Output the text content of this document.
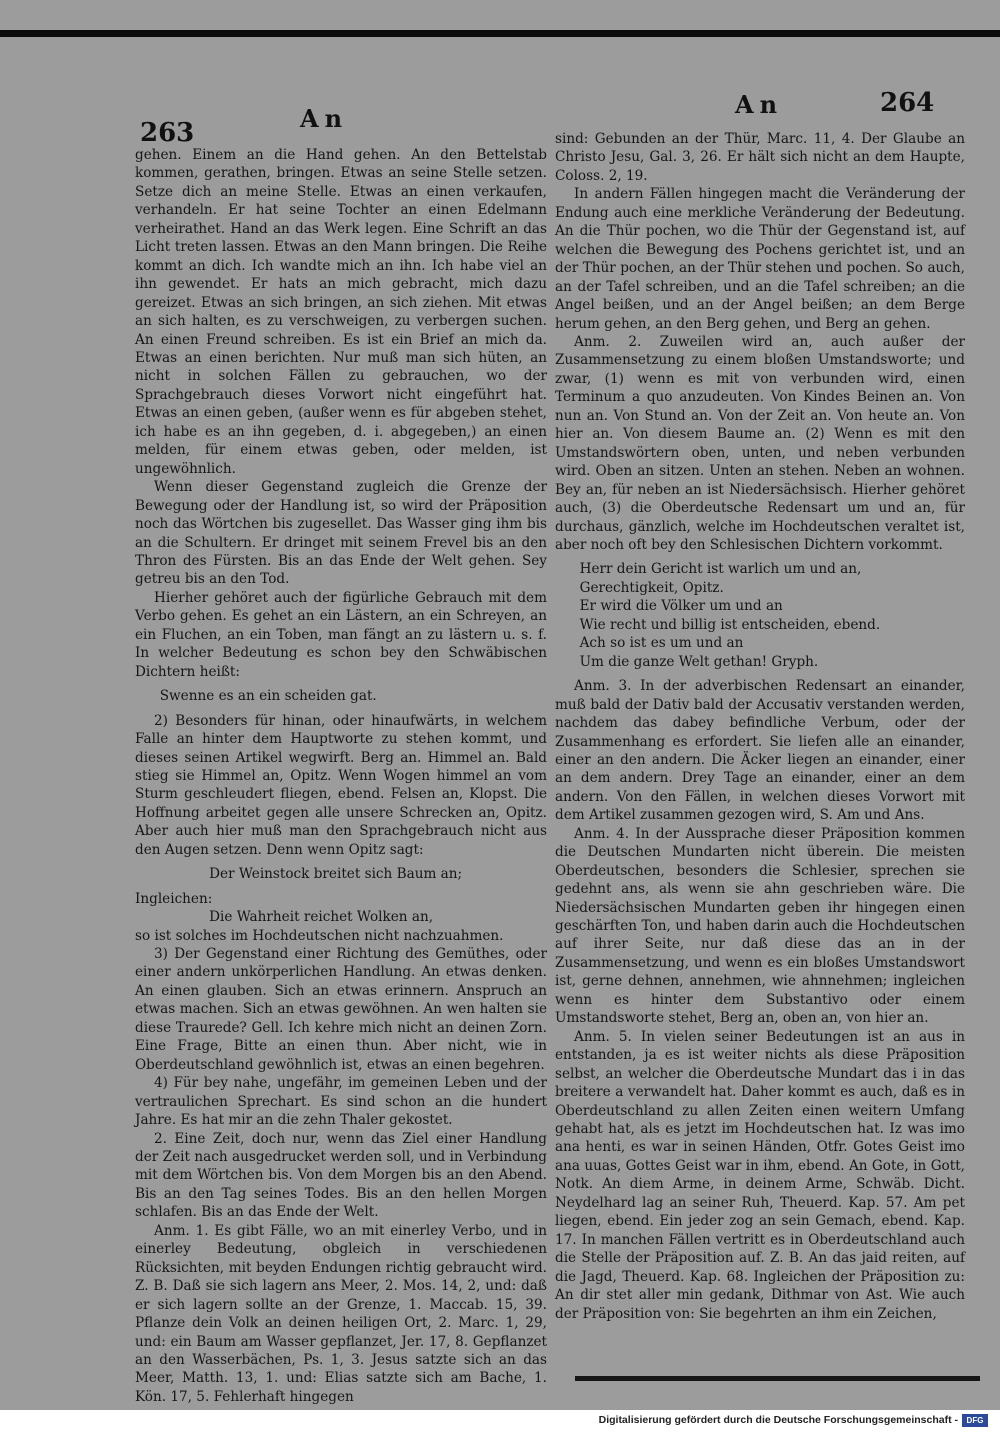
263	An	An	264

gehen. Einem an die Hand gehen. An den Bettelstab kommen, gerathen, bringen. Etwas an seine Stelle setzen. Setze dich an meine Stelle. Etwas an einen verkaufen, verhandeln. Er hat seine Tochter an einen Edelmann verheirathet. Hand an das Werk legen. Eine Schrift an das Licht treten lassen. Etwas an den Mann bringen. Die Reihe kommt an dich. Ich wandte mich an ihn. Ich habe viel an ihn gewendet. Er hats an mich gebracht, mich dazu gereizet. Etwas an sich bringen, an sich ziehen. Mit etwas an sich halten, es zu verschweigen, zu verbergen suchen. An einen Freund schreiben. Es ist ein Brief an mich da. Etwas an einen berichten. Nur muß man sich hüten, an nicht in solchen Fällen zu gebrauchen, wo der Sprachgebrauch dieses Vorwort nicht eingeführt hat. Etwas an einen geben, (außer wenn es für abgeben stehet, ich habe es an ihn gegeben, d. i. abgegeben,) an einen melden, für einem etwas geben, oder melden, ist ungewöhnlich.

Wenn dieser Gegenstand zugleich die Grenze der Bewegung oder der Handlung ist, so wird der Präposition noch das Wörtchen bis zugesellet. Das Wasser ging ihm bis an die Schultern. Er dringet mit seinem Frevel bis an den Thron des Fürsten. Bis an das Ende der Welt gehen. Sey getreu bis an den Tod.

Hierher gehöret auch der figürliche Gebrauch mit dem Verbo gehen. Es gehet an ein Lästern, an ein Schreyen, an ein Fluchen, an ein Toben, man fängt an zu lästern u. s. f. In welcher Bedeutung es schon bey den Schwäbischen Dichtern heißt:

Swenne es an ein scheiden gat.

2) Besonders für hinan, oder hinaufwärts, in welchem Falle an hinter dem Hauptworte zu stehen kommt, und dieses seinen Artikel wegwirft. Berg an. Himmel an. Bald stieg sie Himmel an, Opitz. Wenn Wogen himmel an vom Sturm geschleudert fliegen, ebend. Felsen an, Klopst. Die Hoffnung arbeitet gegen alle unsere Schrecken an, Opitz. Aber auch hier muß man den Sprachgebrauch nicht aus den Augen setzen. Denn wenn Opitz sagt:

Der Weinstock breitet sich Baum an;

Ingleichen:

Die Wahrheit reichet Wolken an,

so ist solches im Hochdeutschen nicht nachzuahmen.

3) Der Gegenstand einer Richtung des Gemüthes, oder einer andern unkörperlichen Handlung. An etwas denken. An einen glauben. Sich an etwas erinnern. Anspruch an etwas machen. Sich an etwas gewöhnen. An wen halten sie diese Traurede? Gell. Ich kehre mich nicht an deinen Zorn. Eine Frage, Bitte an einen thun. Aber nicht, wie in Oberdeutschland gewöhnlich ist, etwas an einen begehren.

4) Für bey nahe, ungefähr, im gemeinen Leben und der vertraulichen Sprechart. Es sind schon an die hundert Jahre. Es hat mir an die zehn Thaler gekostet.

2. Eine Zeit, doch nur, wenn das Ziel einer Handlung der Zeit nach ausgedrucket werden soll, und in Verbindung mit dem Wörtchen bis. Von dem Morgen bis an den Abend. Bis an den Tag seines Todes. Bis an den hellen Morgen schlafen. Bis an das Ende der Welt.

Anm. 1. Es gibt Fälle, wo an mit einerley Verbo, und in einerley Bedeutung, obgleich in verschiedenen Rücksichten, mit beyden Endungen richtig gebraucht wird. Z. B. Daß sie sich lagern ans Meer, 2. Mos. 14, 2, und: daß er sich lagern sollte an der Grenze, 1. Maccab. 15, 39. Pflanze dein Volk an deinen heiligen Ort, 2. Marc. 1, 29, und: ein Baum am Wasser gepflanzet, Jer. 17, 8. Gepflanzet an den Wasserbächen, Ps. 1, 3. Jesus satzte sich an das Meer, Matth. 13, 1. und: Elias satzte sich am Bache, 1. Kön. 17, 5. Fehlerhaft hingegen

sind: Gebunden an der Thür, Marc. 11, 4. Der Glaube an Christo Jesu, Gal. 3, 26. Er hält sich nicht an dem Haupte, Coloss. 2, 19.

In andern Fällen hingegen macht die Veränderung der Endung auch eine merkliche Veränderung der Bedeutung. An die Thür pochen, wo die Thür der Gegenstand ist, auf welchen die Bewegung des Pochens gerichtet ist, und an der Thür pochen, an der Thür stehen und pochen. So auch, an der Tafel schreiben, und an die Tafel schreiben; an die Angel beißen, und an der Angel beißen; an dem Berge herum gehen, an den Berg gehen, und Berg an gehen.

Anm. 2. Zuweilen wird an, auch außer der Zusammensetzung zu einem bloßen Umstandsworte; und zwar, (1) wenn es mit von verbunden wird, einen Terminum a quo anzudeuten. Von Kindes Beinen an. Von nun an. Von Stund an. Von der Zeit an. Von heute an. Von hier an. Von diesem Baume an. (2) Wenn es mit den Umstandswörtern oben, unten, und neben verbunden wird. Oben an sitzen. Unten an stehen. Neben an wohnen. Bey an, für neben an ist Niedersächsisch. Hierher gehöret auch, (3) die Oberdeutsche Redensart um und an, für durchaus, gänzlich, welche im Hochdeutschen veraltet ist, aber noch oft bey den Schlesischen Dichtern vorkommt.

Herr dein Gericht ist warlich um und an,
Gerechtigkeit, Opitz.
Er wird die Völker um und an
Wie recht und billig ist entscheiden, ebend.
Ach so ist es um und an
Um die ganze Welt gethan! Gryph.

Anm. 3. In der adverbischen Redensart an einander, muß bald der Dativ bald der Accusativ verstanden werden, nachdem das dabey befindliche Verbum, oder der Zusammenhang es erfordert. Sie liefen alle an einander, einer an den andern. Die Äcker liegen an einander, einer an dem andern. Drey Tage an einander, einer an dem andern. Von den Fällen, in welchen dieses Vorwort mit dem Artikel zusammen gezogen wird, S. Am und Ans.

Anm. 4. In der Aussprache dieser Präposition kommen die Deutschen Mundarten nicht überein. Die meisten Oberdeutschen, besonders die Schlesier, sprechen sie gedehnt ans, als wenn sie ahn geschrieben wäre. Die Niedersächsischen Mundarten geben ihr hingegen einen geschärften Ton, und haben darin auch die Hochdeutschen auf ihrer Seite, nur daß diese das an in der Zusammensetzung, und wenn es ein bloßes Umstandswort ist, gerne dehnen, annehmen, wie ahnnehmen; ingleichen wenn es hinter dem Substantivo oder einem Umstandsworte stehet, Berg an, oben an, von hier an.

Anm. 5. In vielen seiner Bedeutungen ist an aus in entstanden, ja es ist weiter nichts als diese Präposition selbst, an welcher die Oberdeutsche Mundart das i in das breitere a verwandelt hat. Daher kommt es auch, daß es in Oberdeutschland zu allen Zeiten einen weitern Umfang gehabt hat, als es jetzt im Hochdeutschen hat. Iz was imo ana henti, es war in seinen Händen, Otfr. Gotes Geist imo ana uuas, Gottes Geist war in ihm, ebend. An Gote, in Gott, Notk. An diem Arme, in deinem Arme, Schwäb. Dicht. Neydelhard lag an seiner Ruh, Theuerd. Kap. 57. Am pet liegen, ebend. Ein jeder zog an sein Gemach, ebend. Kap. 17. In manchen Fällen vertritt es in Oberdeutschland auch die Stelle der Präposition auf. Z. B. An das jaid reiten, auf die Jagd, Theuerd. Kap. 68. Ingleichen der Präposition zu: An dir stet aller min gedank, Dithmar von Ast. Wie auch der Präposition von: Sie begehrten an ihm ein Zeichen,

Digitalisierung gefördert durch die Deutsche Forschungsgemeinschaft -	DFG
